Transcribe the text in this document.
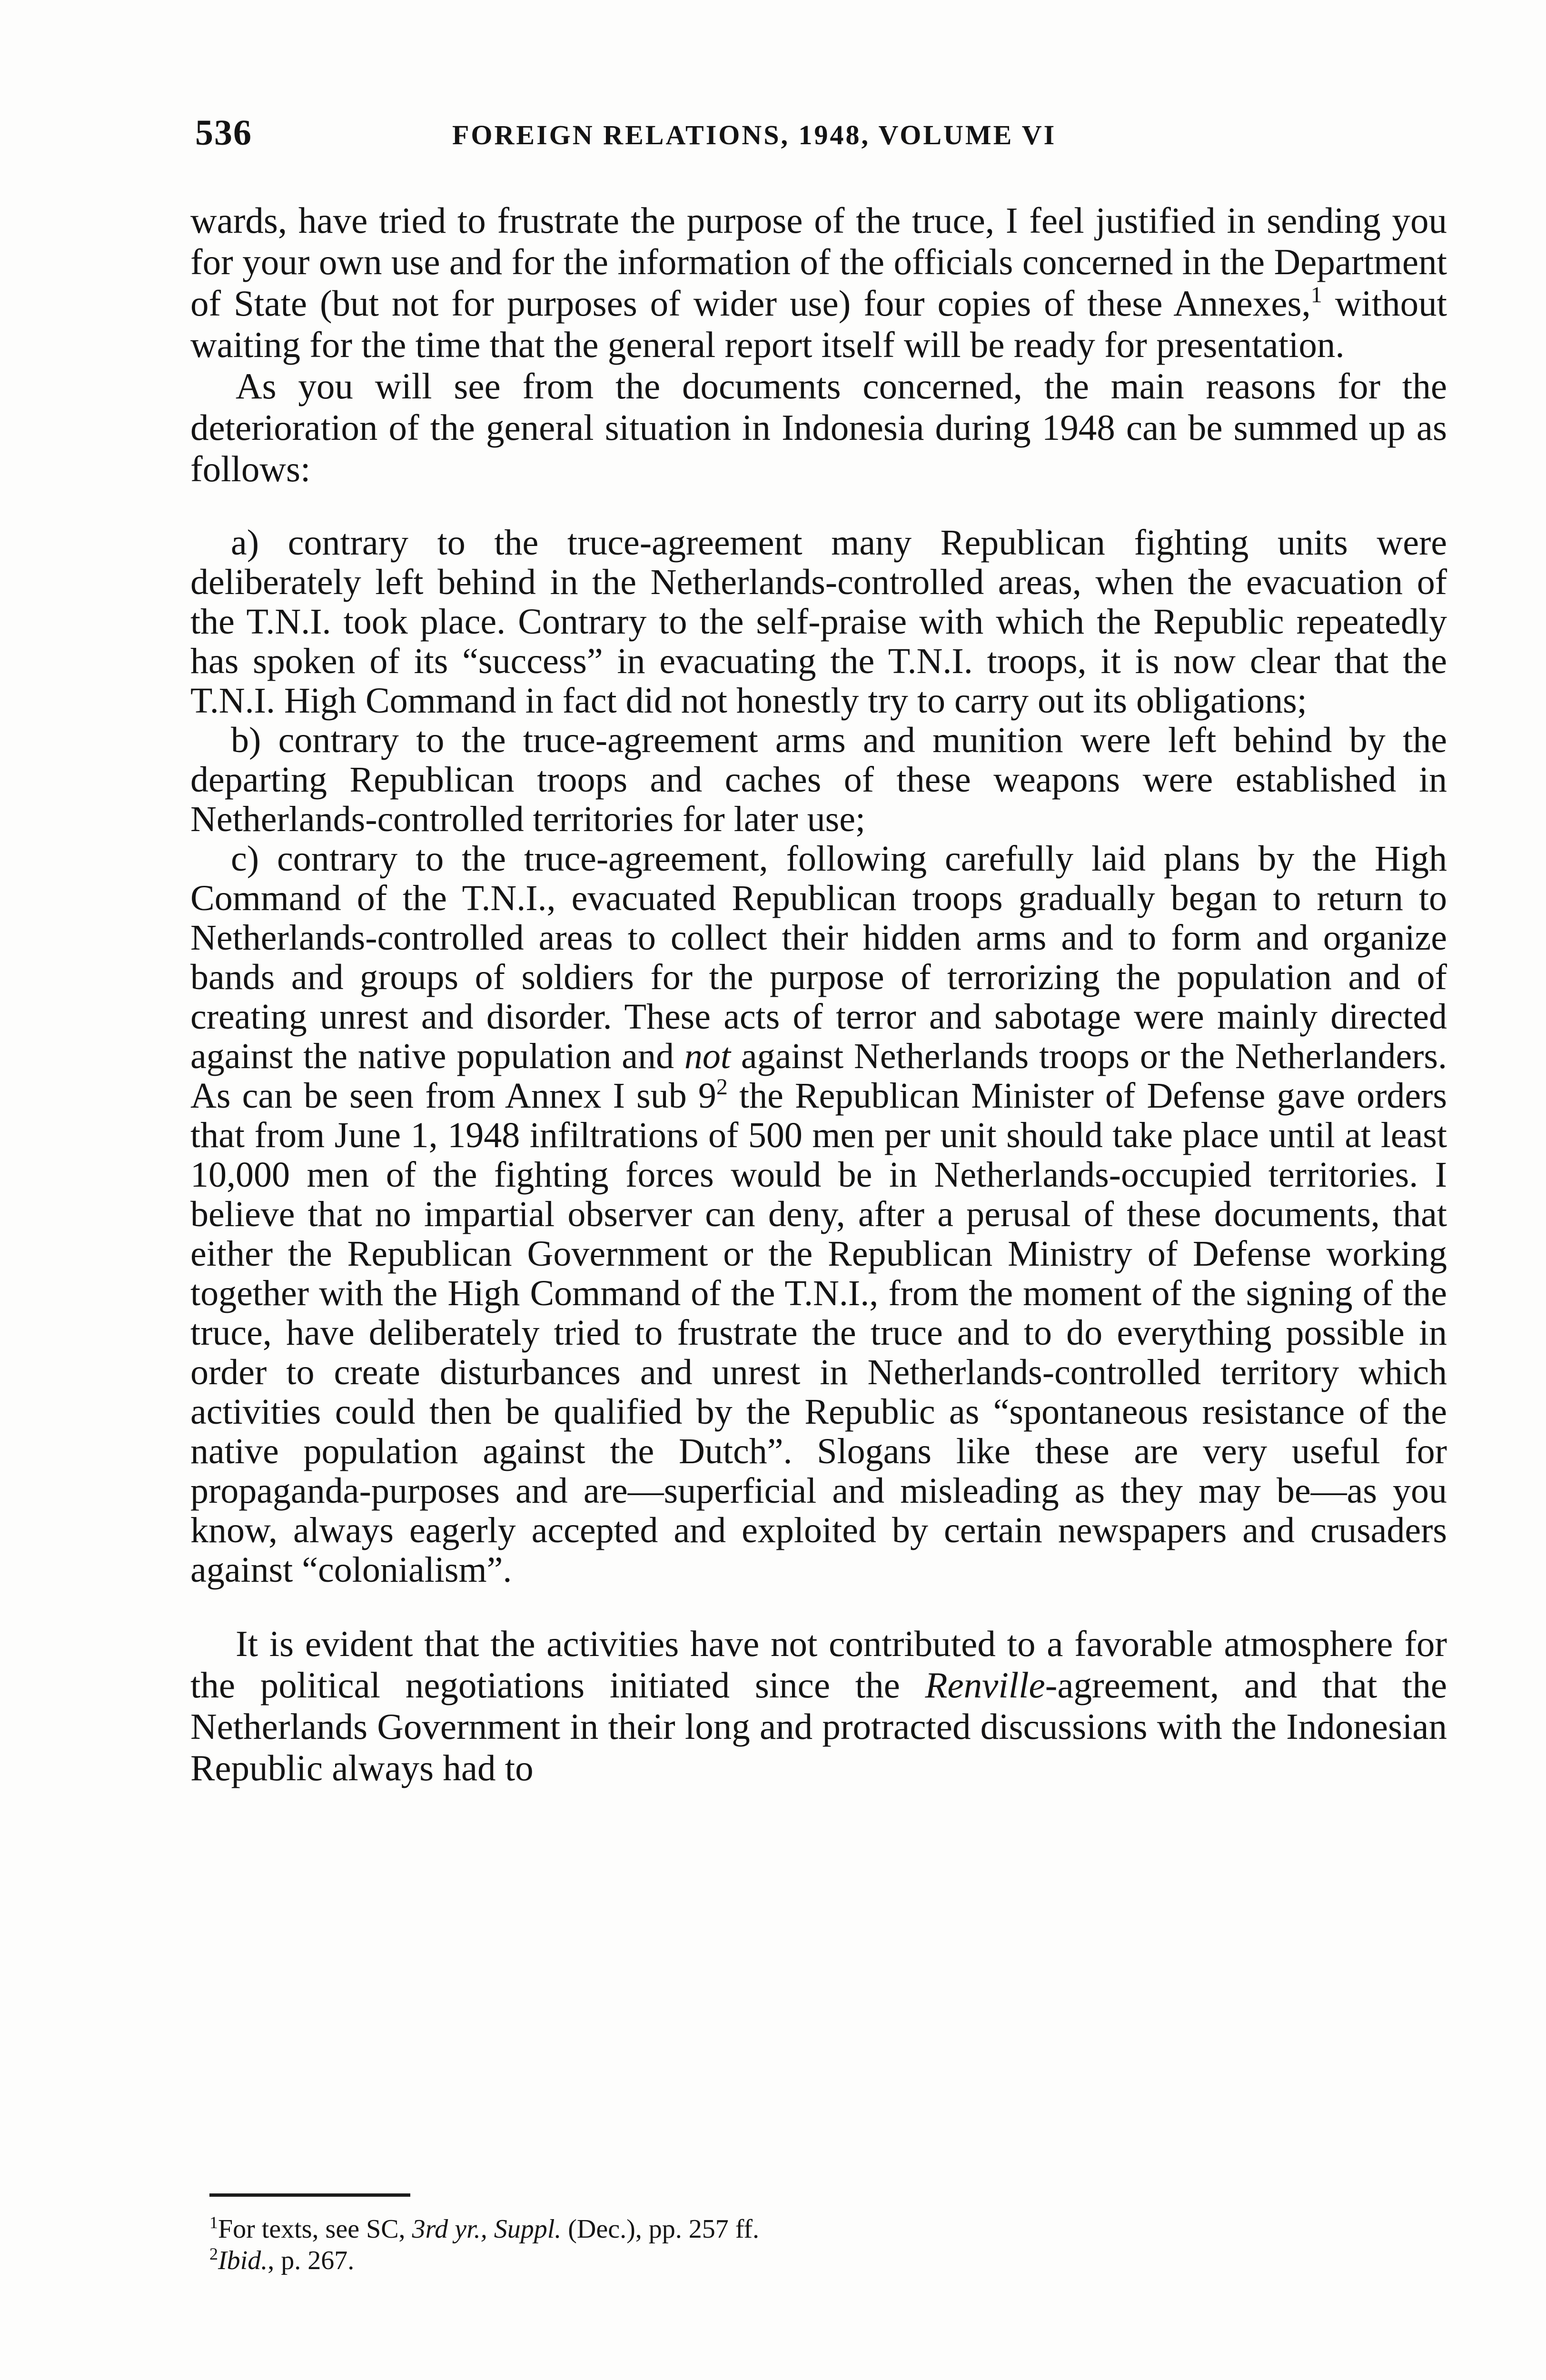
536	FOREIGN RELATIONS, 1948, VOLUME VI

wards, have tried to frustrate the purpose of the truce, I feel justified in sending you for your own use and for the information of the officials concerned in the Department of State (but not for purposes of wider use) four copies of these Annexes,$^1$ without waiting for the time that the general report itself will be ready for presentation.

As you will see from the documents concerned, the main reasons for the deterioration of the general situation in Indonesia during 1948 can be summed up as follows:

a) contrary to the truce-agreement many Republican fighting units were deliberately left behind in the Netherlands-controlled areas, when the evacuation of the T.N.I. took place. Contrary to the self-praise with which the Republic repeatedly has spoken of its “success” in evacuating the T.N.I. troops, it is now clear that the T.N.I. High Command in fact did not honestly try to carry out its obligations;

b) contrary to the truce-agreement arms and munition were left behind by the departing Republican troops and caches of these weapons were established in Netherlands-controlled territories for later use;

c) contrary to the truce-agreement, following carefully laid plans by the High Command of the T.N.I., evacuated Republican troops gradually began to return to Netherlands-controlled areas to collect their hidden arms and to form and organize bands and groups of soldiers for the purpose of terrorizing the population and of creating unrest and disorder. These acts of terror and sabotage were mainly directed against the native population and not against Netherlands troops or the Netherlanders. As can be seen from Annex I sub $9^2$ the Republican Minister of Defense gave orders that from June 1, 1948 infiltrations of 500 men per unit should take place until at least 10,000 men of the fighting forces would be in Netherlands-occupied territories. I believe that no impartial observer can deny, after a perusal of these documents, that either the Republican Government or the Republican Ministry of Defense working together with the High Command of the T.N.I., from the moment of the signing of the truce, have deliberately tried to frustrate the truce and to do everything possible in order to create disturbances and unrest in Netherlands-controlled territory which activities could then be qualified by the Republic as “spontaneous resistance of the native population against the Dutch”. Slogans like these are very useful for propaganda-purposes and are—superficial and misleading as they may be—as you know, always eagerly accepted and exploited by certain newspapers and crusaders against “colonialism”.

It is evident that the activities have not contributed to a favorable atmosphere for the political negotiations initiated since the Renville-agreement, and that the Netherlands Government in their long and protracted discussions with the Indonesian Republic always had to

$^1$For texts, see SC, 3rd yr., Suppl. (Dec.), pp. 257 ff.

$^2$Ibid., p. 267.
